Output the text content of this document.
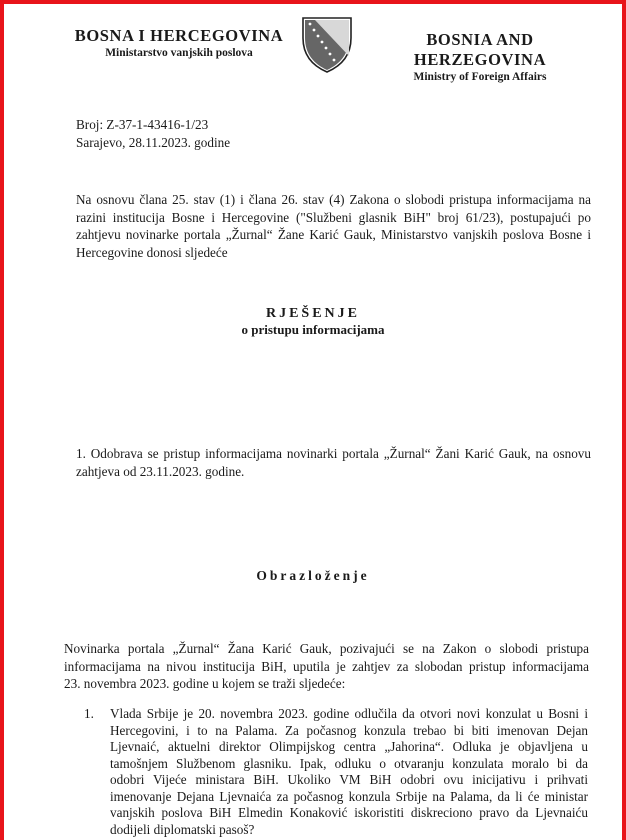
BOSNA I HERCEGOVINA
Ministarstvo vanjskih poslova
BOSNIA AND HERZEGOVINA
Ministry of Foreign Affairs
Broj: Z-37-1-43416-1/23
Sarajevo, 28.11.2023. godine
Na osnovu člana 25. stav (1) i člana 26. stav (4) Zakona o slobodi pristupa informacijama na
razini institucija Bosne i Hercegovine ("Službeni glasnik BiH" broj 61/23), postupajući po
zahtjevu novinarke portala „Žurnal“ Žane Karić Gauk, Ministarstvo vanjskih poslova Bosne i
Hercegovine donosi sljedeće
RJEŠENJE
o pristupu informacijama
1. Odobrava se pristup informacijama novinarki portala „Žurnal“ Žani Karić Gauk, na osnovu
zahtjeva od 23.11.2023. godine.
Obrazloženje
Novinarka portala „Žurnal“ Žana Karić Gauk, pozivajući se na Zakon o slobodi pristupa
informacijama na nivou institucija BiH, uputila je zahtjev za slobodan pristup informacijama
23. novembra 2023. godine u kojem se traži sljedeće:
1. Vlada Srbije je 20. novembra 2023. godine odlučila da otvori novi konzulat u Bosni i
Hercegovini, i to na Palama. Za počasnog konzula trebao bi biti imenovan Dejan
Ljevnaić, aktuelni direktor Olimpijskog centra „Jahorina“. Odluka je objavljena u
tamošnjem Službenom glasniku. Ipak, odluku o otvaranju konzulata moralo bi da
odobri Vijeće ministara BiH. Ukoliko VM BiH odobri ovu inicijativu i prihvati
imenovanje Dejana Ljevnaića za počasnog konzula Srbije na Palama, da li će ministar
vanjskih poslova BiH Elmedin Konaković iskoristiti diskreciono pravo da Ljevnaiću
dodijeli diplomatski pasoš?
